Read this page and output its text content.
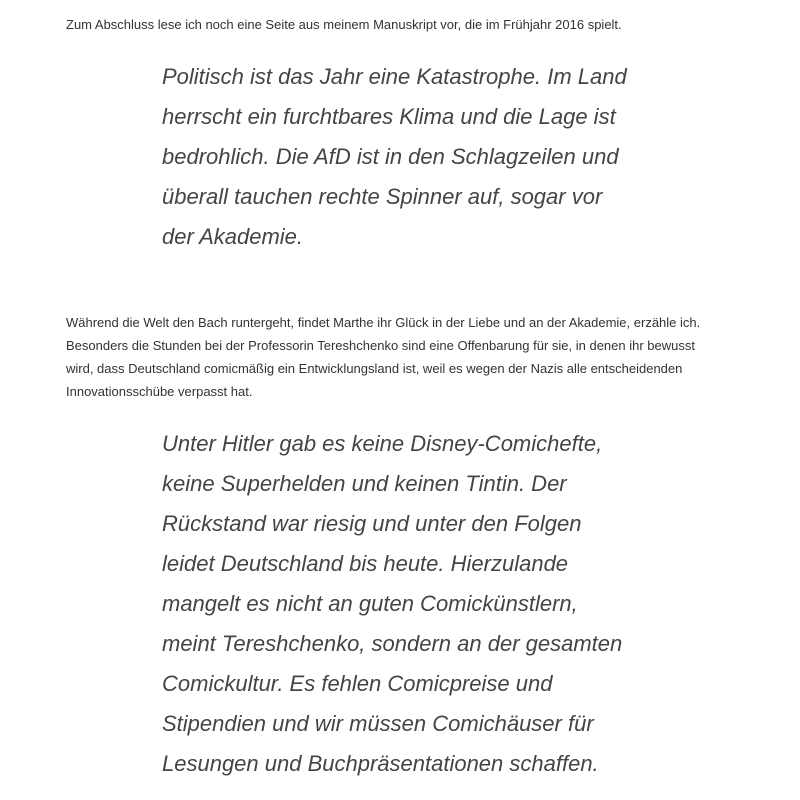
Zum Abschluss lese ich noch eine Seite aus meinem Manuskript vor, die im Frühjahr 2016 spielt.

Politisch ist das Jahr eine Katastrophe. Im Land
herrscht ein furchtbares Klima und die Lage ist
bedrohlich. Die AfD ist in den Schlagzeilen und
überall tauchen rechte Spinner auf, sogar vor
der Akademie.

Während die Welt den Bach runtergeht, findet Marthe ihr Glück in der Liebe und an der Akademie, erzähle ich.
Besonders die Stunden bei der Professorin Tereshchenko sind eine Offenbarung für sie, in denen ihr bewusst
wird, dass Deutschland comicmäßig ein Entwicklungsland ist, weil es wegen der Nazis alle entscheidenden
Innovationsschübe verpasst hat.

Unter Hitler gab es keine Disney-Comichefte,
keine Superhelden und keinen Tintin. Der
Rückstand war riesig und unter den Folgen
leidet Deutschland bis heute. Hierzulande
mangelt es nicht an guten Comickünstlern,
meint Tereshchenko, sondern an der gesamten
Comickultur. Es fehlen Comicpreise und
Stipendien und wir müssen Comichäuser für
Lesungen und Buchpräsentationen schaffen.
